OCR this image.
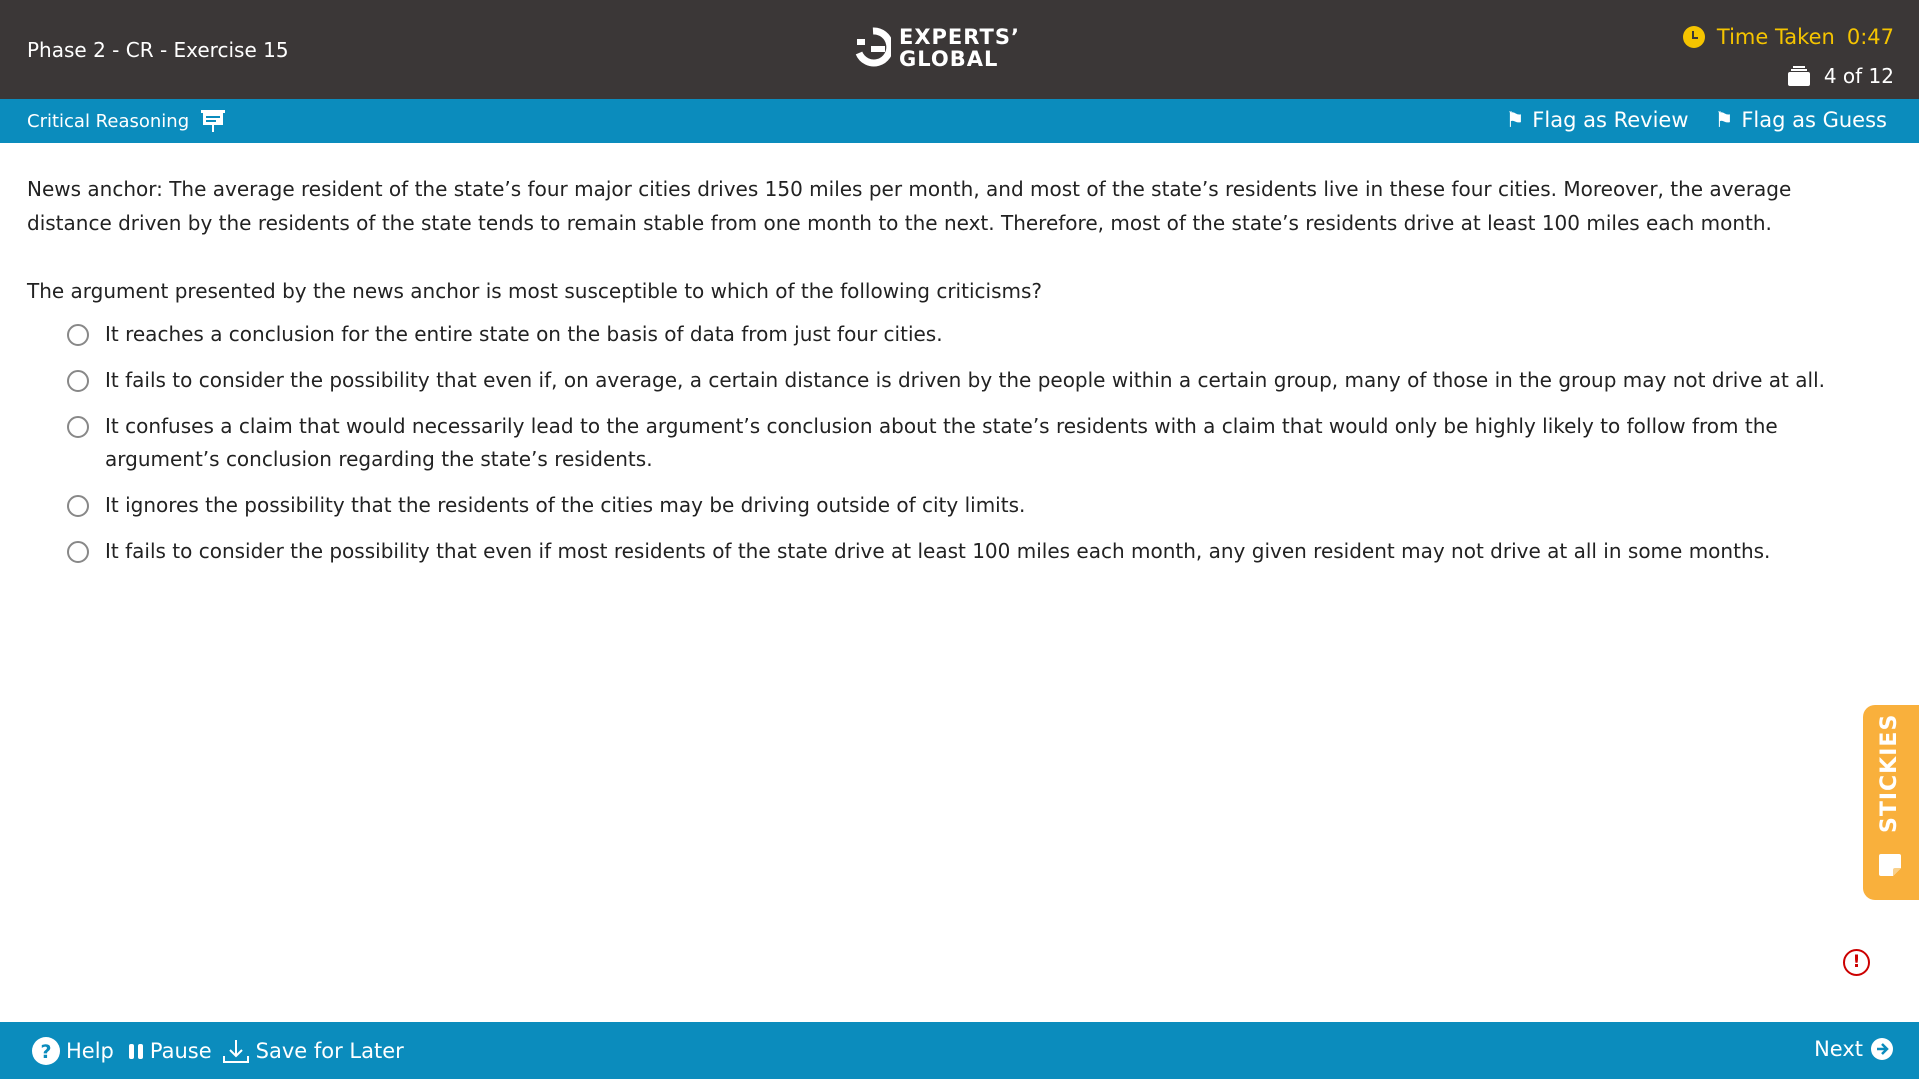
Phase 2 - CR - Exercise 15
EXPERTS’
GLOBAL
Time Taken 0:47
4 of 12
Critical Reasoning	⚑ Flag as Review ⚑ Flag as Guess

News anchor: The average resident of the state’s four major cities drives 150 miles per month, and most of the state’s residents live in these four cities. Moreover, the average distance driven by the residents of the state tends to remain stable from one month to the next. Therefore, most of the state’s residents drive at least 100 miles each month.

The argument presented by the news anchor is most susceptible to which of the following criticisms?

It reaches a conclusion for the entire state on the basis of data from just four cities.
It fails to consider the possibility that even if, on average, a certain distance is driven by the people within a certain group, many of those in the group may not drive at all.
It confuses a claim that would necessarily lead to the argument’s conclusion about the state’s residents with a claim that would only be highly likely to follow from the argument’s conclusion regarding the state’s residents.
It ignores the possibility that the residents of the cities may be driving outside of city limits.
It fails to consider the possibility that even if most residents of the state drive at least 100 miles each month, any given resident may not drive at all in some months.
STICKIES
!
? Help Pause Save for Later	Next
